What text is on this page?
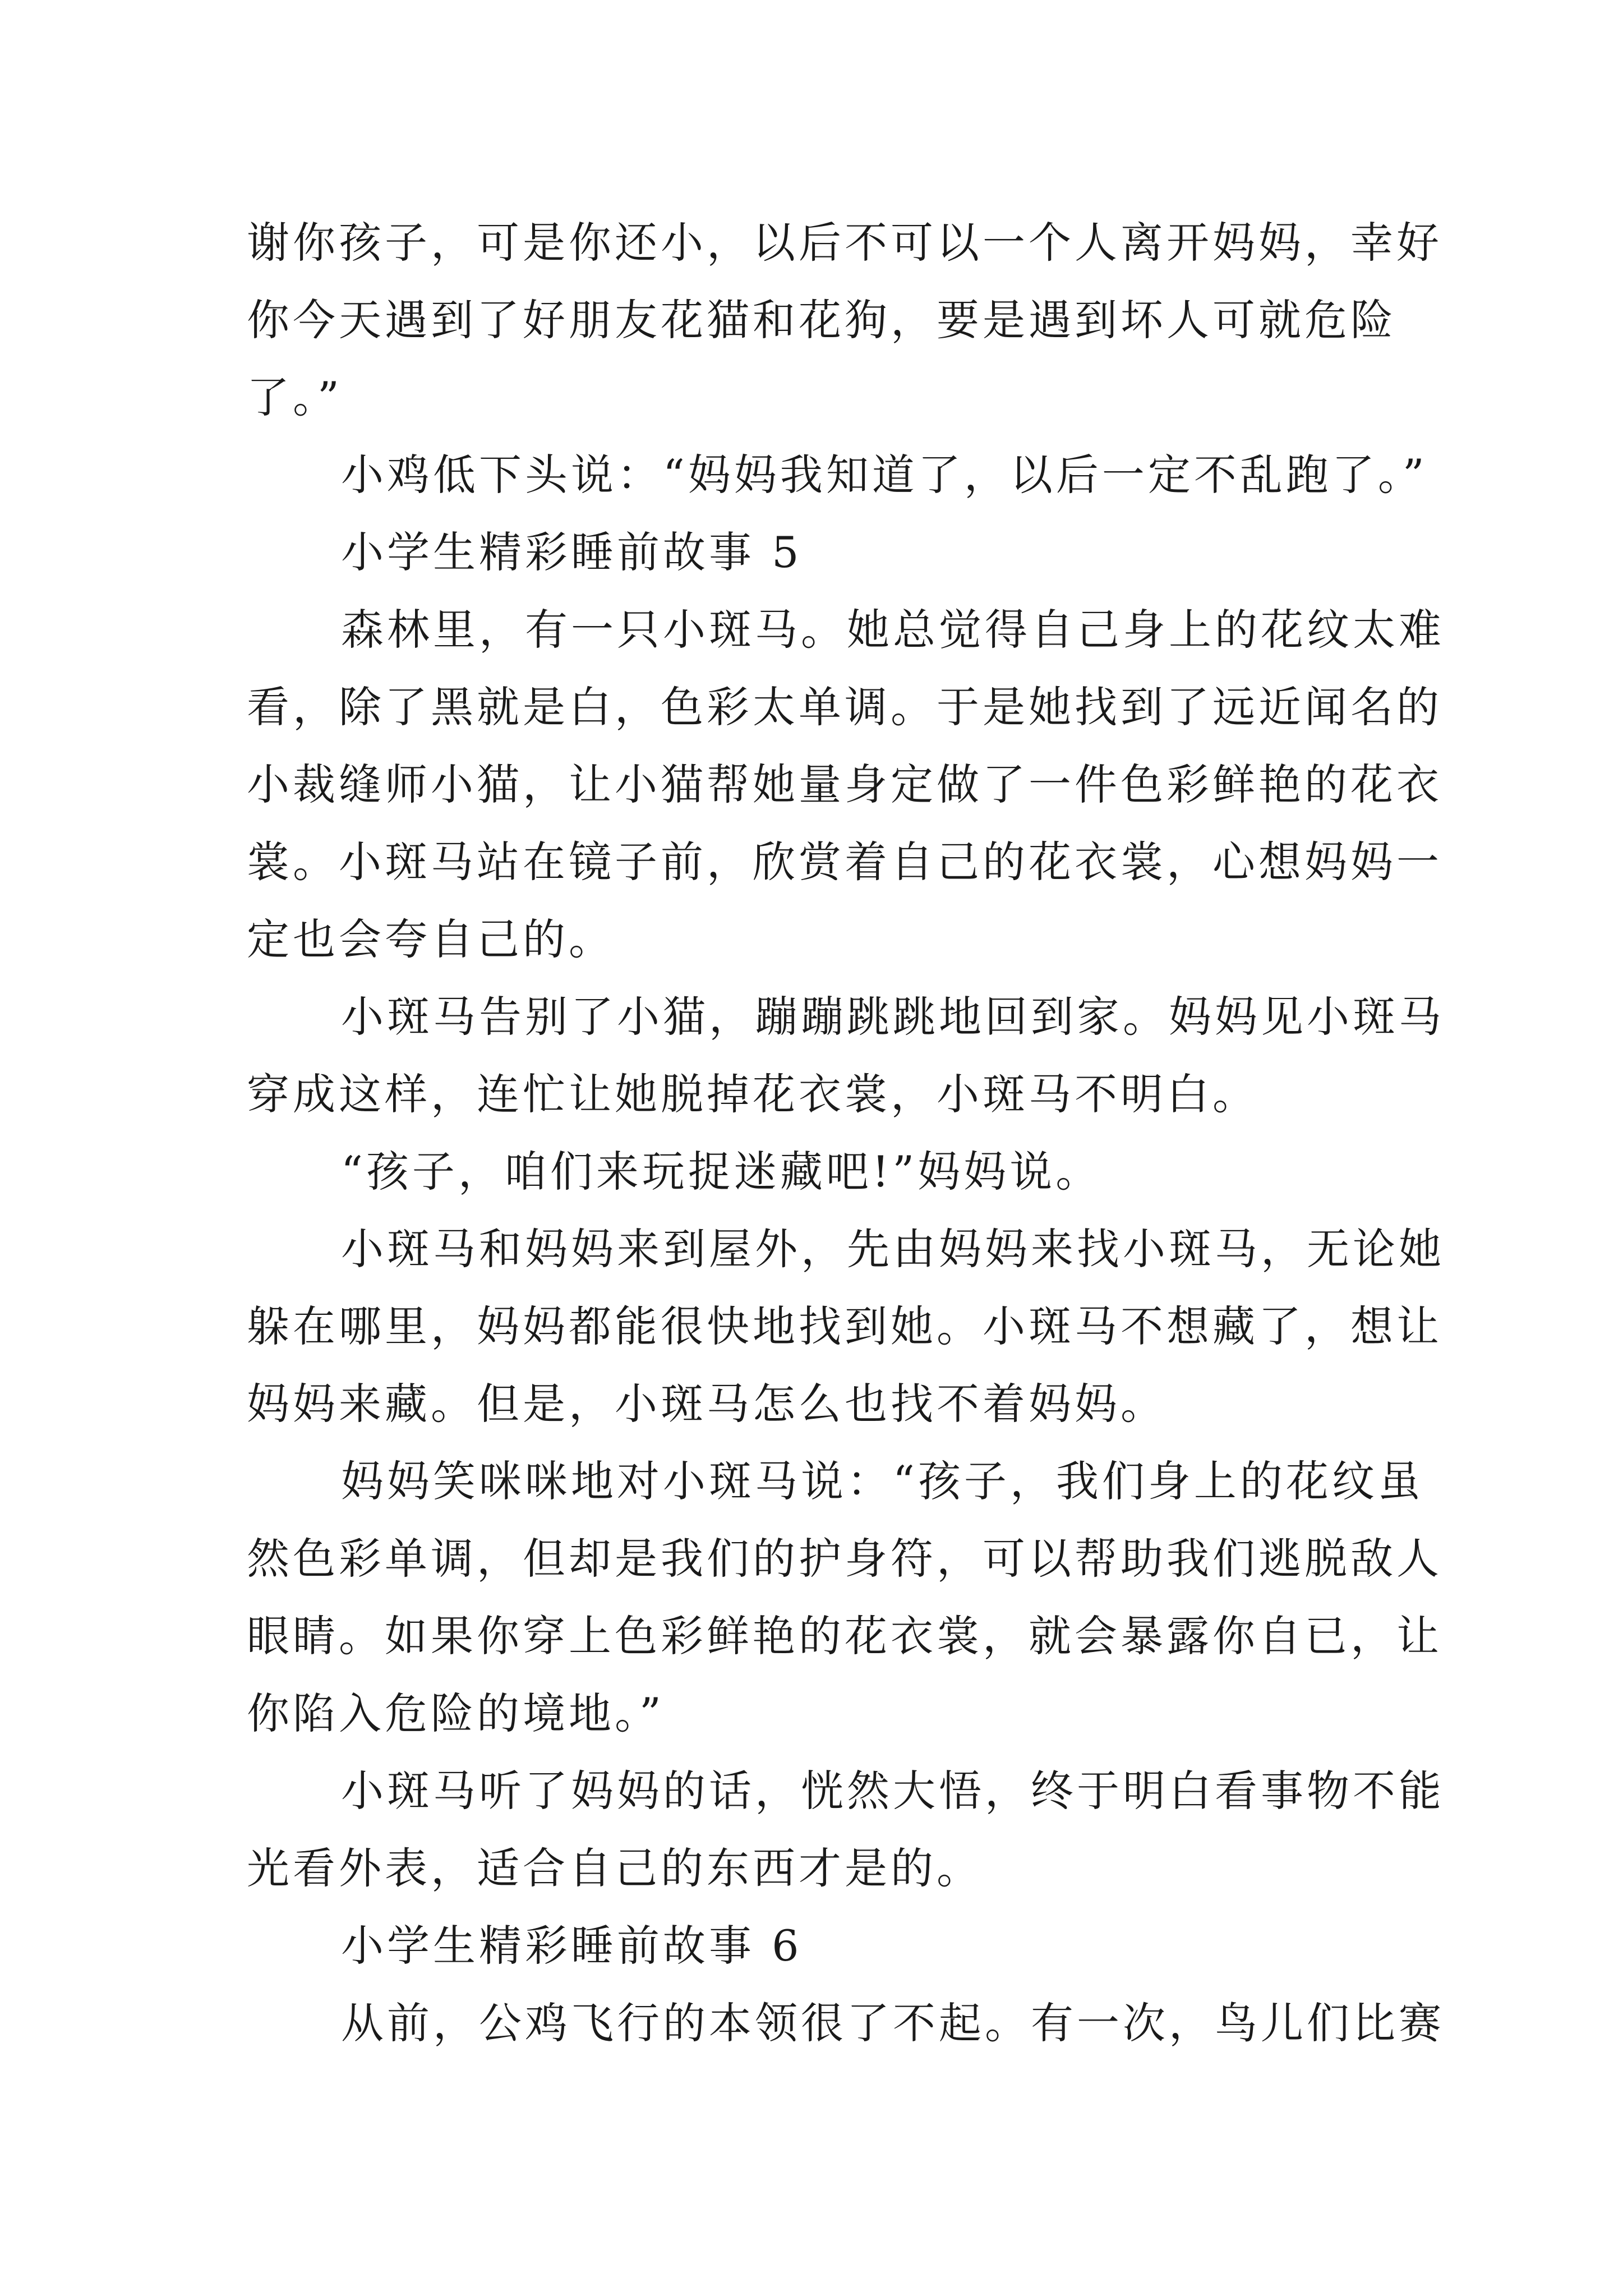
谢你孩子，可是你还小，以后不可以一个人离开妈妈，幸好
你今天遇到了好朋友花猫和花狗，要是遇到坏人可就危险
了。”
小鸡低下头说：“妈妈我知道了，以后一定不乱跑了。”
小学生精彩睡前故事 5
森林里，有一只小斑马。她总觉得自己身上的花纹太难
看，除了黑就是白，色彩太单调。于是她找到了远近闻名的
小裁缝师小猫，让小猫帮她量身定做了一件色彩鲜艳的花衣
裳。小斑马站在镜子前，欣赏着自己的花衣裳，心想妈妈一
定也会夸自己的。
小斑马告别了小猫，蹦蹦跳跳地回到家。妈妈见小斑马
穿成这样，连忙让她脱掉花衣裳，小斑马不明白。
“孩子，咱们来玩捉迷藏吧!”妈妈说。
小斑马和妈妈来到屋外，先由妈妈来找小斑马，无论她
躲在哪里，妈妈都能很快地找到她。小斑马不想藏了，想让
妈妈来藏。但是，小斑马怎么也找不着妈妈。
妈妈笑咪咪地对小斑马说：“孩子，我们身上的花纹虽
然色彩单调，但却是我们的护身符，可以帮助我们逃脱敌人
眼睛。如果你穿上色彩鲜艳的花衣裳，就会暴露你自已，让
你陷入危险的境地。”
小斑马听了妈妈的话，恍然大悟，终于明白看事物不能
光看外表，适合自己的东西才是的。
小学生精彩睡前故事 6
从前，公鸡飞行的本领很了不起。有一次，鸟儿们比赛
